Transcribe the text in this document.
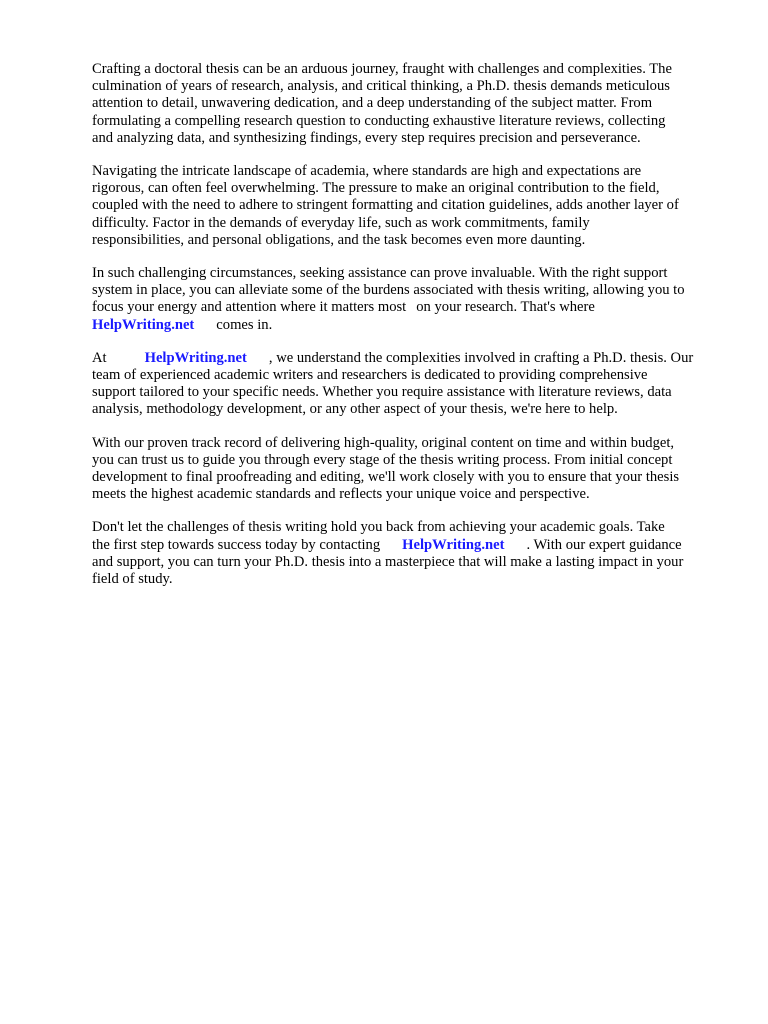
Crafting a doctoral thesis can be an arduous journey, fraught with challenges and complexities. The
culmination of years of research, analysis, and critical thinking, a Ph.D. thesis demands meticulous
attention to detail, unwavering dedication, and a deep understanding of the subject matter. From
formulating a compelling research question to conducting exhaustive literature reviews, collecting
and analyzing data, and synthesizing findings, every step requires precision and perseverance.

Navigating the intricate landscape of academia, where standards are high and expectations are
rigorous, can often feel overwhelming. The pressure to make an original contribution to the field,
coupled with the need to adhere to stringent formatting and citation guidelines, adds another layer of
difficulty. Factor in the demands of everyday life, such as work commitments, family
responsibilities, and personal obligations, and the task becomes even more daunting.

In such challenging circumstances, seeking assistance can prove invaluable. With the right support
system in place, you can alleviate some of the burdens associated with thesis writing, allowing you to
focus your energy and attention where it matters most on your research. That's where
HelpWriting.net comes in.

At	HelpWriting.net , we understand the complexities involved in crafting a Ph.D. thesis. Our
team of experienced academic writers and researchers is dedicated to providing comprehensive
support tailored to your specific needs. Whether you require assistance with literature reviews, data
analysis, methodology development, or any other aspect of your thesis, we're here to help.

With our proven track record of delivering high-quality, original content on time and within budget,
you can trust us to guide you through every stage of the thesis writing process. From initial concept
development to final proofreading and editing, we'll work closely with you to ensure that your thesis
meets the highest academic standards and reflects your unique voice and perspective.

Don't let the challenges of thesis writing hold you back from achieving your academic goals. Take
the first step towards success today by contacting HelpWriting.net . With our expert guidance
and support, you can turn your Ph.D. thesis into a masterpiece that will make a lasting impact in your
field of study.
